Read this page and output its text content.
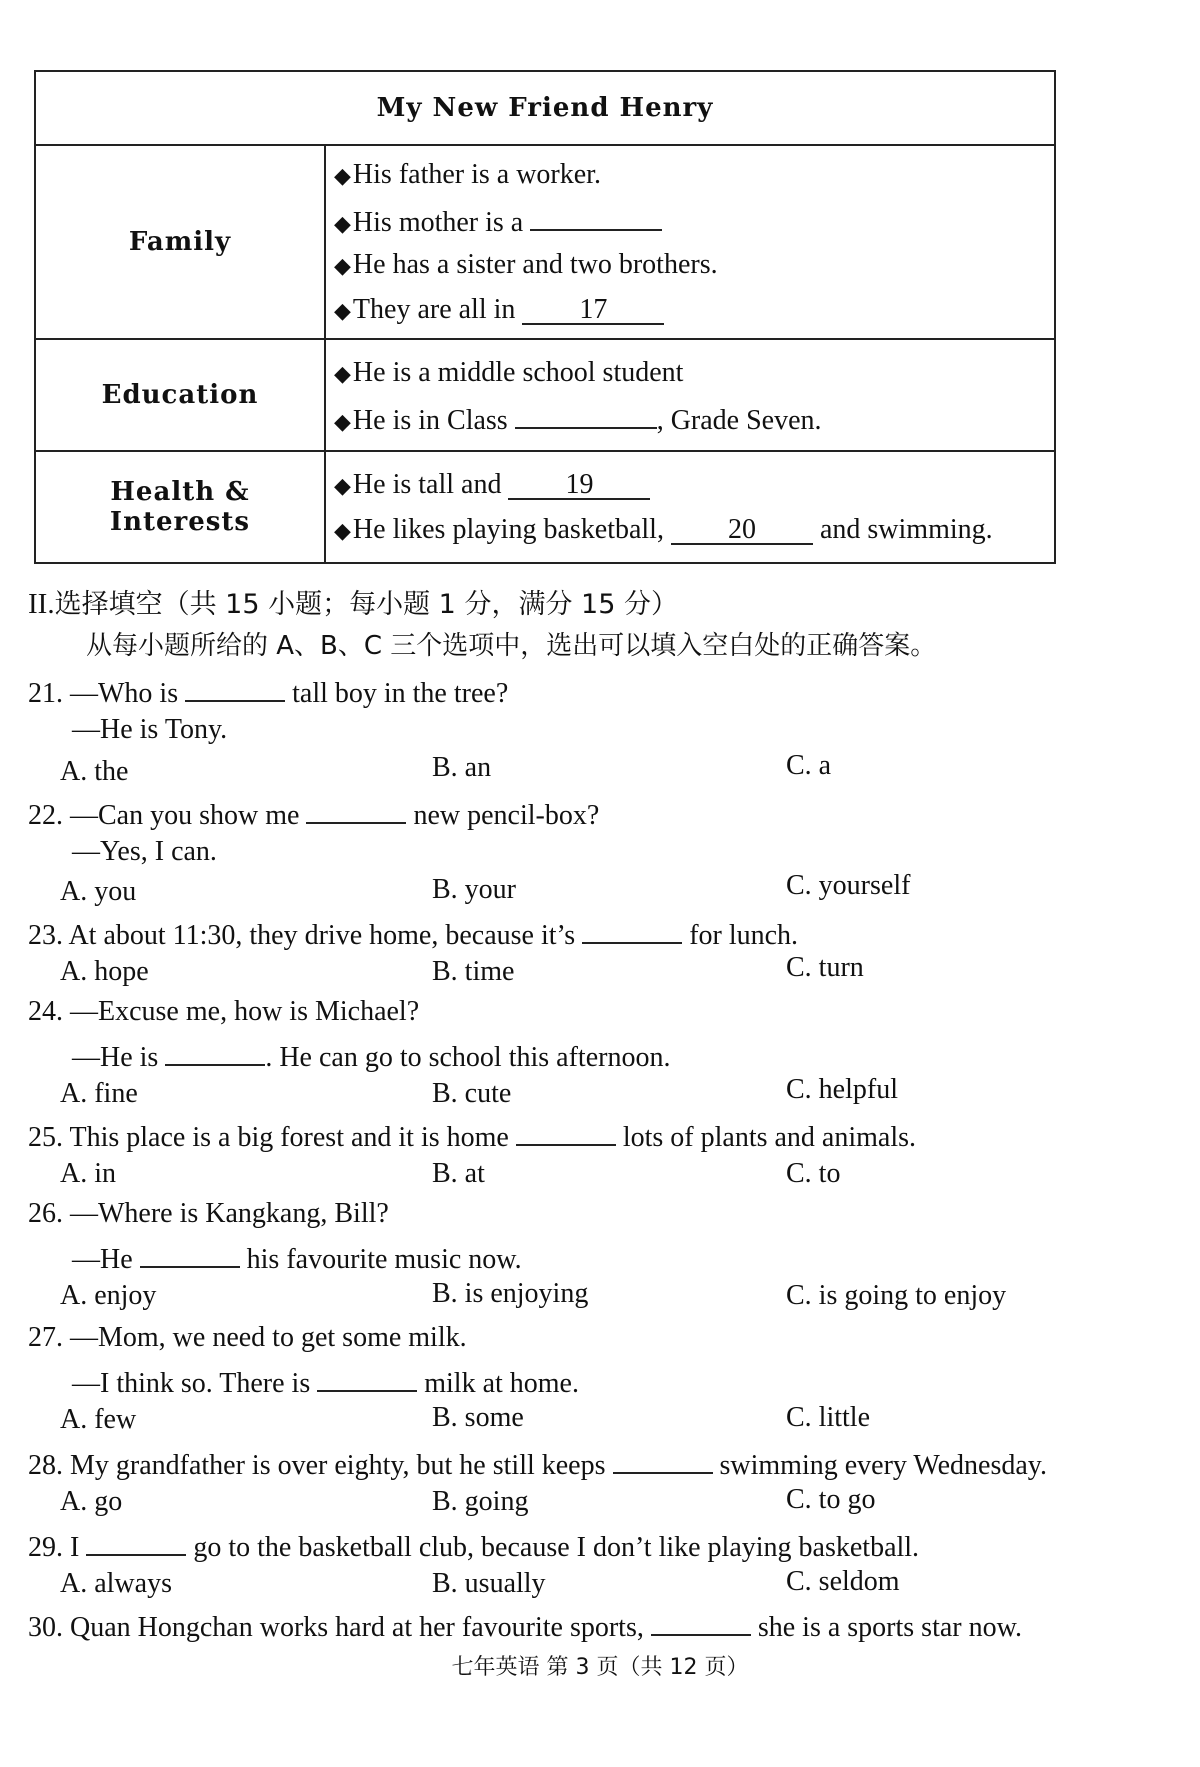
My New Friend Henry	
Family	◆His father is a worker.
◆His mother is a
◆He has a sister and two brothers.
◆They are all in 17

Education	◆He is a middle school student
◆He is in Class , Grade Seven.

Health & Interests	◆He is tall and 19
◆He likes playing basketball, 20 and swimming.
II.选择填空（共 15 小题；每小题 1 分，满分 15 分）
从每小题所给的 A、B、C 三个选项中，选出可以填入空白处的正确答案。
21. —Who is	tall boy in the tree?
—He is Tony.
A. the	B. an	C. a
22. —Can you show me	new pencil-box?
—Yes, I can.
A. you	B. your	C. yourself
23. At about 11:30, they drive home, because it’s	for lunch.
A. hope	B. time	C. turn
24. —Excuse me, how is Michael?
—He is	. He can go to school this afternoon.
A. fine	B. cute	C. helpful
25. This place is a big forest and it is home	lots of plants and animals.
A. in	B. at	C. to
26. —Where is Kangkang, Bill?
—He	his favourite music now.
A. enjoy	B. is enjoying	C. is going to enjoy
27. —Mom, we need to get some milk.
—I think so. There is	milk at home.
A. few	B. some	C. little
28. My grandfather is over eighty, but he still keeps	swimming every Wednesday.
A. go	B. going	C. to go
29. I	go to the basketball club, because I don’t like playing basketball.
A. always	B. usually	C. seldom
30. Quan Hongchan works hard at her favourite sports,	she is a sports star now.
七年英语 第 3 页（共 12 页）
